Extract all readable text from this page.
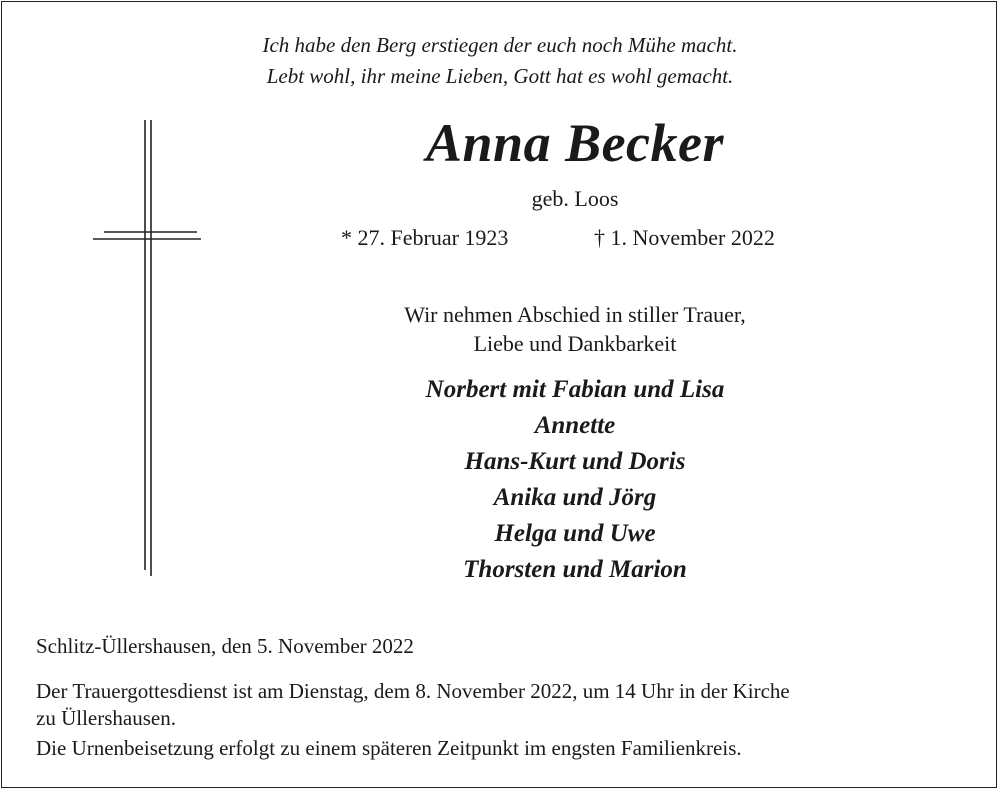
Ich habe den Berg erstiegen der euch noch Mühe macht.
Lebt wohl, ihr meine Lieben, Gott hat es wohl gemacht.
Anna Becker
geb. Loos
* 27. Februar 1923	† 1. November 2022
Wir nehmen Abschied in stiller Trauer,
Liebe und Dankbarkeit
Norbert mit Fabian und Lisa
Annette
Hans-Kurt und Doris
Anika und Jörg
Helga und Uwe
Thorsten und Marion
Schlitz-Üllershausen, den 5. November 2022
Der Trauergottesdienst ist am Dienstag, dem 8. November 2022, um 14 Uhr in der Kirche
zu Üllershausen.
Die Urnenbeisetzung erfolgt zu einem späteren Zeitpunkt im engsten Familienkreis.
